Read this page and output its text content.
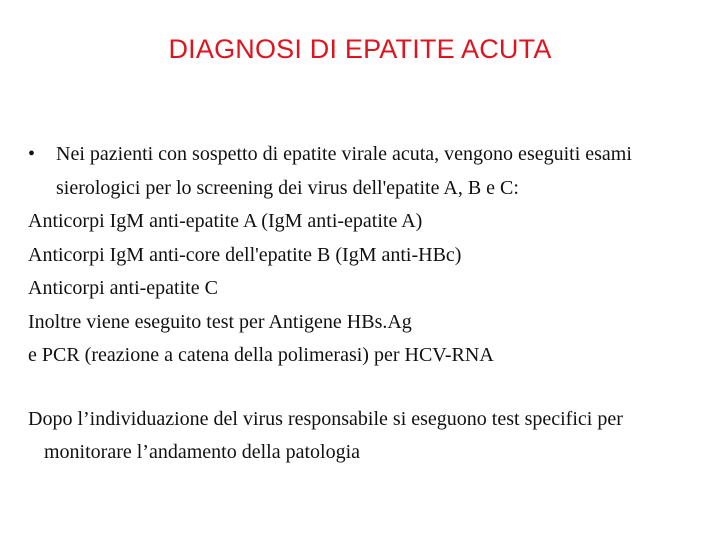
DIAGNOSI DI EPATITE ACUTA
•	Nei pazienti con sospetto di epatite virale acuta, vengono eseguiti esami sierologici per lo screening dei virus dell'epatite A, B e C:
Anticorpi IgM anti-epatite A (IgM anti-epatite A)
Anticorpi IgM anti-core dell'epatite B (IgM anti-HBc)
Anticorpi anti-epatite C
Inoltre viene eseguito test per Antigene HBs.Ag
e PCR (reazione a catena della polimerasi) per HCV-RNA
Dopo l’individuazione del virus responsabile si eseguono test specifici per monitorare l’andamento della patologia
